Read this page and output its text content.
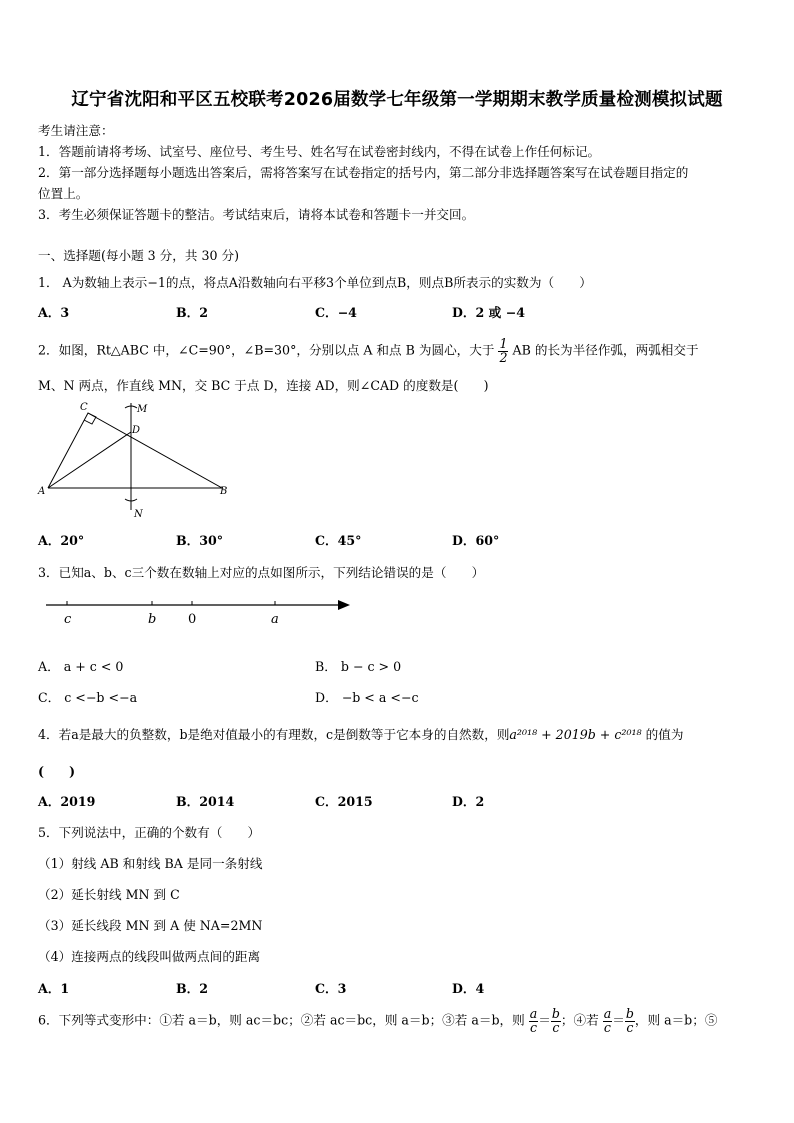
辽宁省沈阳和平区五校联考2026届数学七年级第一学期期末教学质量检测模拟试题
考生请注意：
1．答题前请将考场、试室号、座位号、考生号、姓名写在试卷密封线内，不得在试卷上作任何标记。
2．第一部分选择题每小题选出答案后，需将答案写在试卷指定的括号内，第二部分非选择题答案写在试卷题目指定的
位置上。
3．考生必须保证答题卡的整洁。考试结束后，请将本试卷和答题卡一并交回。
一、选择题(每小题 3 分，共 30 分)
1． A为数轴上表示−1的点，将点A沿数轴向右平移3个单位到点B，则点B所表示的实数为（　　）
A．3	B．2	C．−4	D．2 或 −4
2．如图，Rt△ABC 中，∠C=90°，∠B=30°，分别以点 A 和点 B 为圆心，大于 $\frac{1}{2}$ AB 的长为半径作弧，两弧相交于
M、N 两点，作直线 MN，交 BC 于点 D，连接 AD，则∠CAD 的度数是(　　)
C	M
D
A	B
N
A．20°	B．30°	C．45°	D．60°
3．已知a、b、c三个数在数轴上对应的点如图所示，下列结论错误的是（　　）
c	b 0	a
A． a + c < 0	B． b − c > 0
C． c <−b <−a	D． −b < a <−c
4．若a是最大的负整数，b是绝对值最小的有理数，c是倒数等于它本身的自然数，则a²⁰¹⁸ + 2019b + c²⁰¹⁸ 的值为
(　　)
A．2019	B．2014	C．2015	D．2
5．下列说法中，正确的个数有（　　）
（1）射线 AB 和射线 BA 是同一条射线
（2）延长射线 MN 到 C
（3）延长线段 MN 到 A 使 NA=2MN
（4）连接两点的线段叫做两点间的距离
A．1	B．2	C．3	D．4
6．下列等式变形中：①若 a＝b，则 ac＝bc；②若 ac＝bc，则 a＝b；③若 a＝b，则 $\frac{a}{c} = \frac{b}{c}$ ；④若 $\frac{a}{c} = \frac{b}{c}$ ，则 a＝b；⑤
